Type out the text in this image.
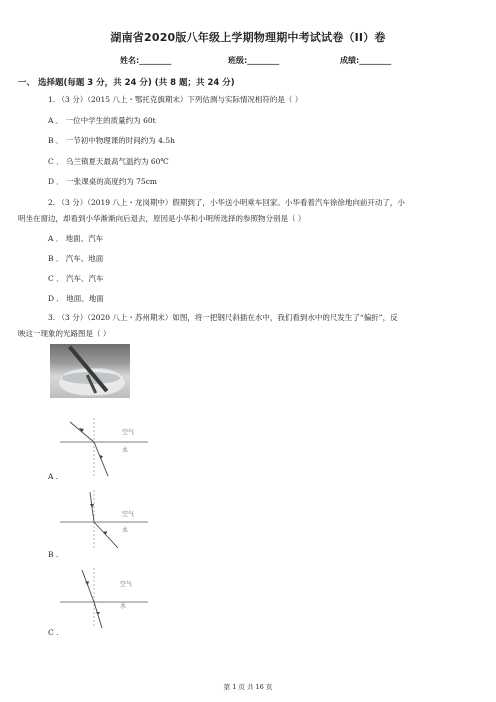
湖南省2020版八年级上学期物理期中考试试卷（II）卷
姓名:________	班级:________	成绩:________
一、 选择题(每题 3 分，共 24 分) (共 8 题；共 24 分)
1. （3 分）（2015 八上・鄂托克旗期末）下列估测与实际情况相符的是（ ）
A ． 一位中学生的质量约为 60t
B ． 一节初中物理课的时间约为 4.5h
C ． 乌兰镇夏天最高气温约为 60℃
D ． 一张课桌的高度约为 75cm
2. （3 分）（2019 八上・龙岗期中）假期到了，小华送小明乘车回家。小华看着汽车徐徐地向前开动了，小
明坐在窗边，却看到小华渐渐向后退去，原因是小华和小明所选择的参照物分别是（ ）
A ． 地面、汽车
B ． 汽车、地面
C ． 汽车、汽车
D ． 地面、地面
3. （3 分）（2020 八上・苏州期末）如图，将一把钢尺斜插在水中，我们看到水中的尺发生了“偏折”，反
映这一现象的光路图是（ ）
空气
水
A .
空气
水
B .
空气
水
C .
第 1 页 共 16 页
